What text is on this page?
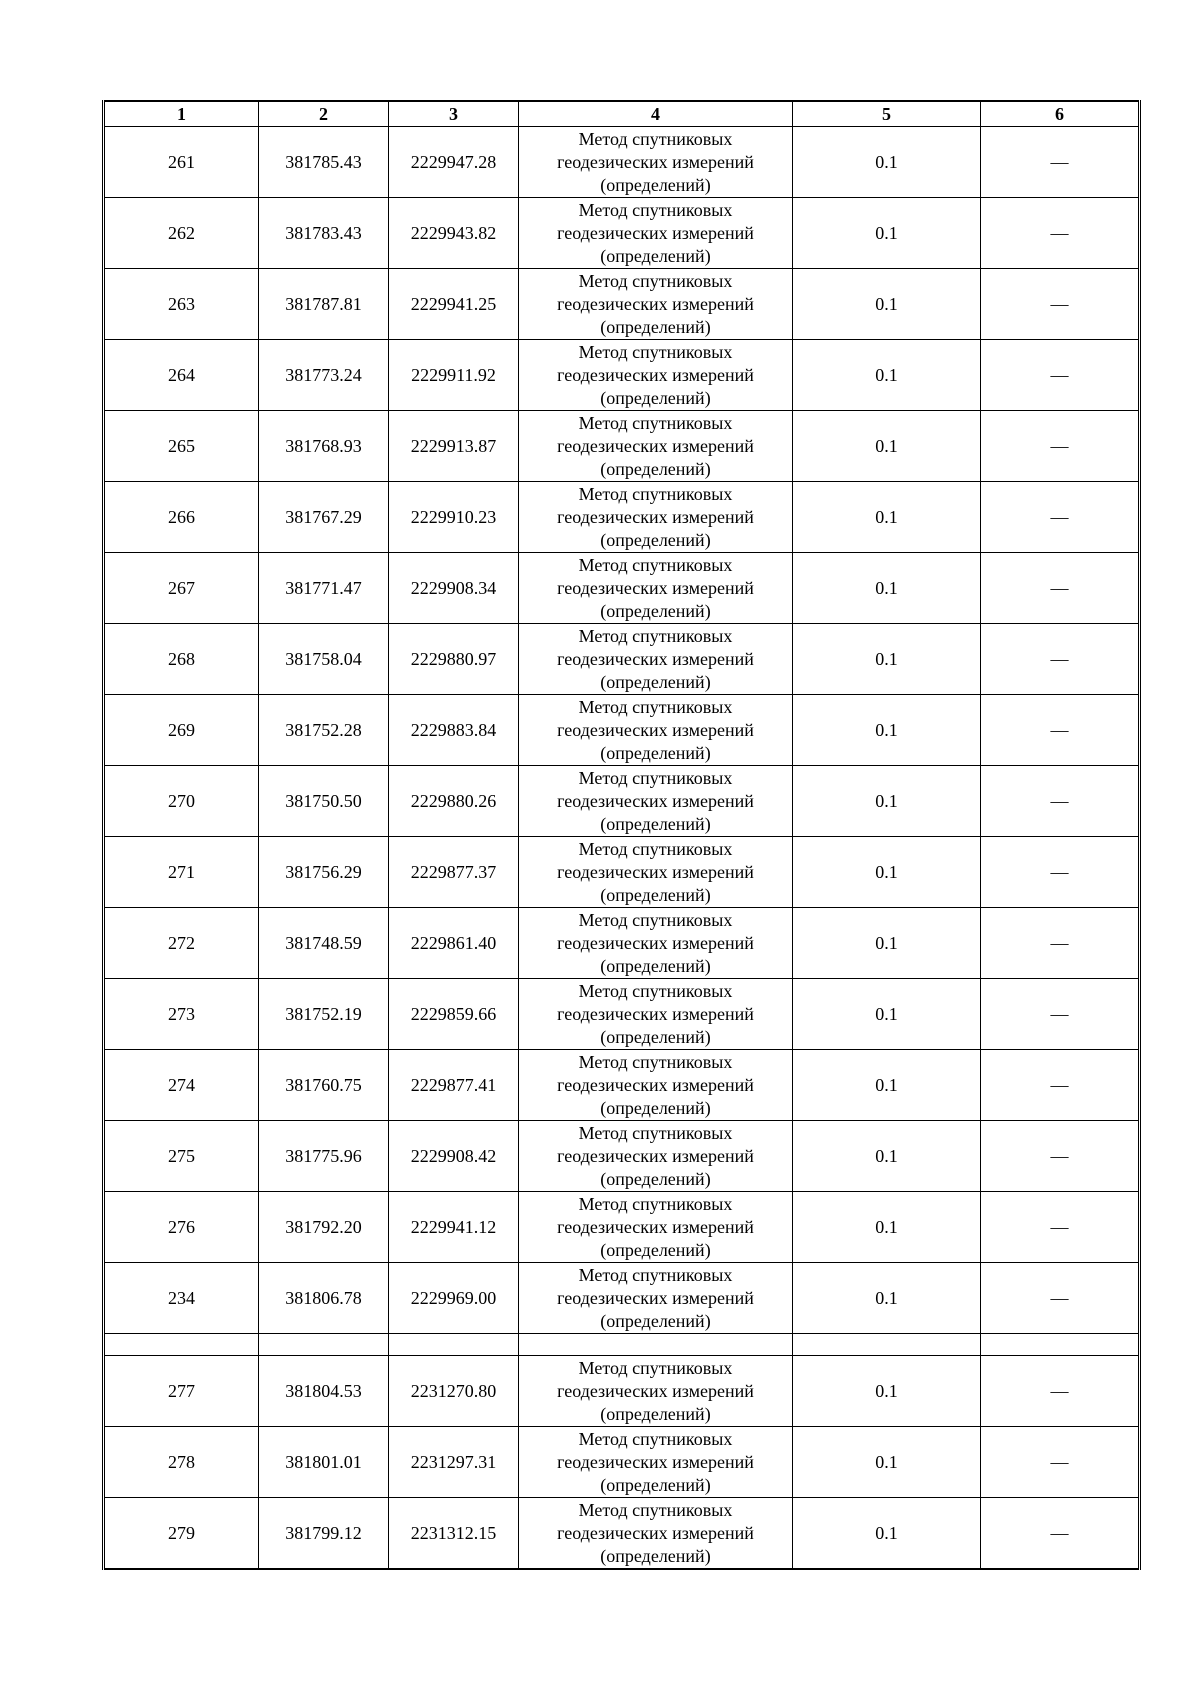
1	2	3	4	5	6
261	381785.43	2229947.28	Метод спутниковых
геодезических измерений
(определений)	0.1	—
262	381783.43	2229943.82	Метод спутниковых
геодезических измерений
(определений)	0.1	—
263	381787.81	2229941.25	Метод спутниковых
геодезических измерений
(определений)	0.1	—
264	381773.24	2229911.92	Метод спутниковых
геодезических измерений
(определений)	0.1	—
265	381768.93	2229913.87	Метод спутниковых
геодезических измерений
(определений)	0.1	—
266	381767.29	2229910.23	Метод спутниковых
геодезических измерений
(определений)	0.1	—
267	381771.47	2229908.34	Метод спутниковых
геодезических измерений
(определений)	0.1	—
268	381758.04	2229880.97	Метод спутниковых
геодезических измерений
(определений)	0.1	—
269	381752.28	2229883.84	Метод спутниковых
геодезических измерений
(определений)	0.1	—
270	381750.50	2229880.26	Метод спутниковых
геодезических измерений
(определений)	0.1	—
271	381756.29	2229877.37	Метод спутниковых
геодезических измерений
(определений)	0.1	—
272	381748.59	2229861.40	Метод спутниковых
геодезических измерений
(определений)	0.1	—
273	381752.19	2229859.66	Метод спутниковых
геодезических измерений
(определений)	0.1	—
274	381760.75	2229877.41	Метод спутниковых
геодезических измерений
(определений)	0.1	—
275	381775.96	2229908.42	Метод спутниковых
геодезических измерений
(определений)	0.1	—
276	381792.20	2229941.12	Метод спутниковых
геодезических измерений
(определений)	0.1	—
234	381806.78	2229969.00	Метод спутниковых
геодезических измерений
(определений)	0.1	—

277	381804.53	2231270.80	Метод спутниковых
геодезических измерений
(определений)	0.1	—
278	381801.01	2231297.31	Метод спутниковых
геодезических измерений
(определений)	0.1	—
279	381799.12	2231312.15	Метод спутниковых
геодезических измерений
(определений)	0.1	—
